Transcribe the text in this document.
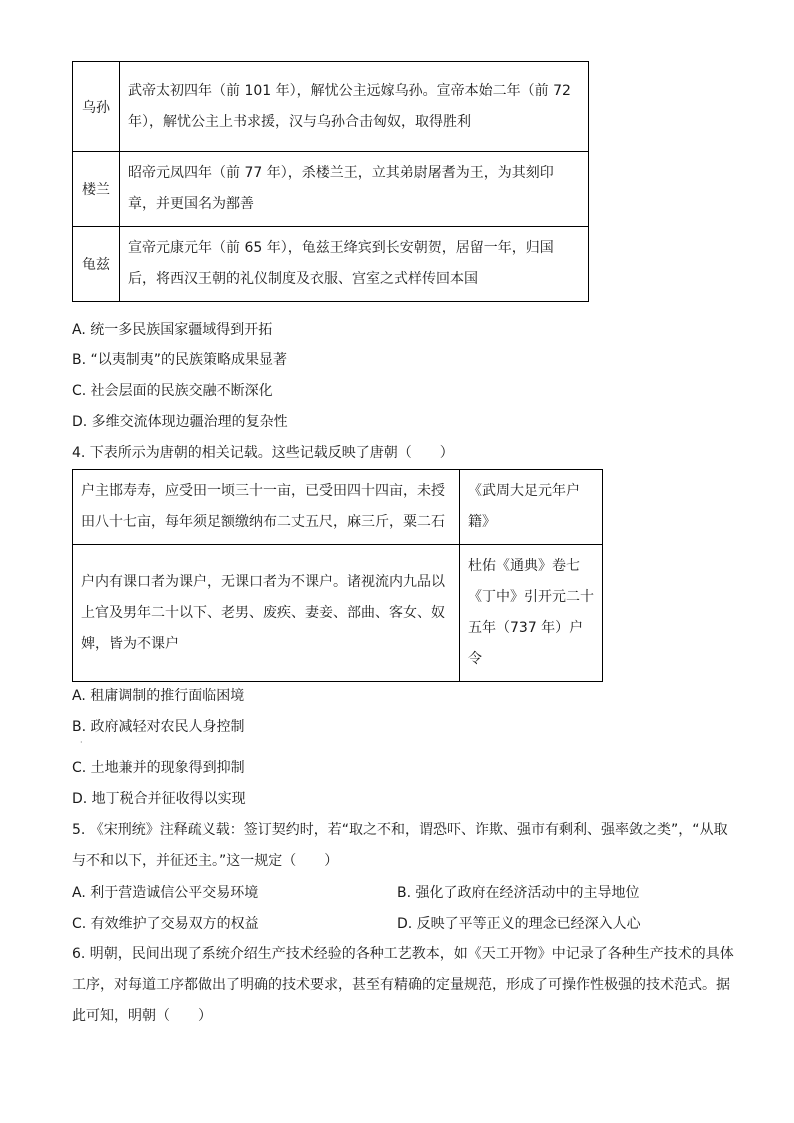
乌孙	武帝太初四年（前 101 年），解忧公主远嫁乌孙。宣帝本始二年（前 72 年），解忧公主上书求援，汉与乌孙合击匈奴，取得胜利
楼兰	昭帝元凤四年（前 77 年），杀楼兰王，立其弟尉屠耆为王，为其刻印章，并更国名为鄯善
龟兹	宣帝元康元年（前 65 年），龟兹王绛宾到长安朝贺，居留一年，归国后，将西汉王朝的礼仪制度及衣服、宫室之式样传回本国
A. 统一多民族国家疆域得到开拓
B. “以夷制夷”的民族策略成果显著
C. 社会层面的民族交融不断深化
D. 多维交流体现边疆治理的复杂性
4. 下表所示为唐朝的相关记载。这些记载反映了唐朝（　　）
户主邯寿寿，应受田一顷三十一亩，已受田四十四亩，未授田八十七亩，每年须足额缴纳布二丈五尺，麻三斤，粟二石	《武周大足元年户籍》
户内有课口者为课户，无课口者为不课户。诸视流内九品以上官及男年二十以下、老男、废疾、妻妾、部曲、客女、奴婢，皆为不课户	杜佑《通典》卷七《丁中》引开元二十五年（737 年）户令
A. 租庸调制的推行面临困境
B. 政府减轻对农民人身控制
·
C. 土地兼并的现象得到抑制
D. 地丁税合并征收得以实现
5. 《宋刑统》注释疏义载：签订契约时，若“取之不和，谓恐吓、诈欺、强市有剩利、强率敛之类”，“从取与不和以下，并征还主。”这一规定（　　）
A. 利于营造诚信公平交易环境	B. 强化了政府在经济活动中的主导地位
C. 有效维护了交易双方的权益	D. 反映了平等正义的理念已经深入人心
6. 明朝，民间出现了系统介绍生产技术经验的各种工艺教本，如《天工开物》中记录了各种生产技术的具体工序，对每道工序都做出了明确的技术要求，甚至有精确的定量规范，形成了可操作性极强的技术范式。据此可知，明朝（　　）
